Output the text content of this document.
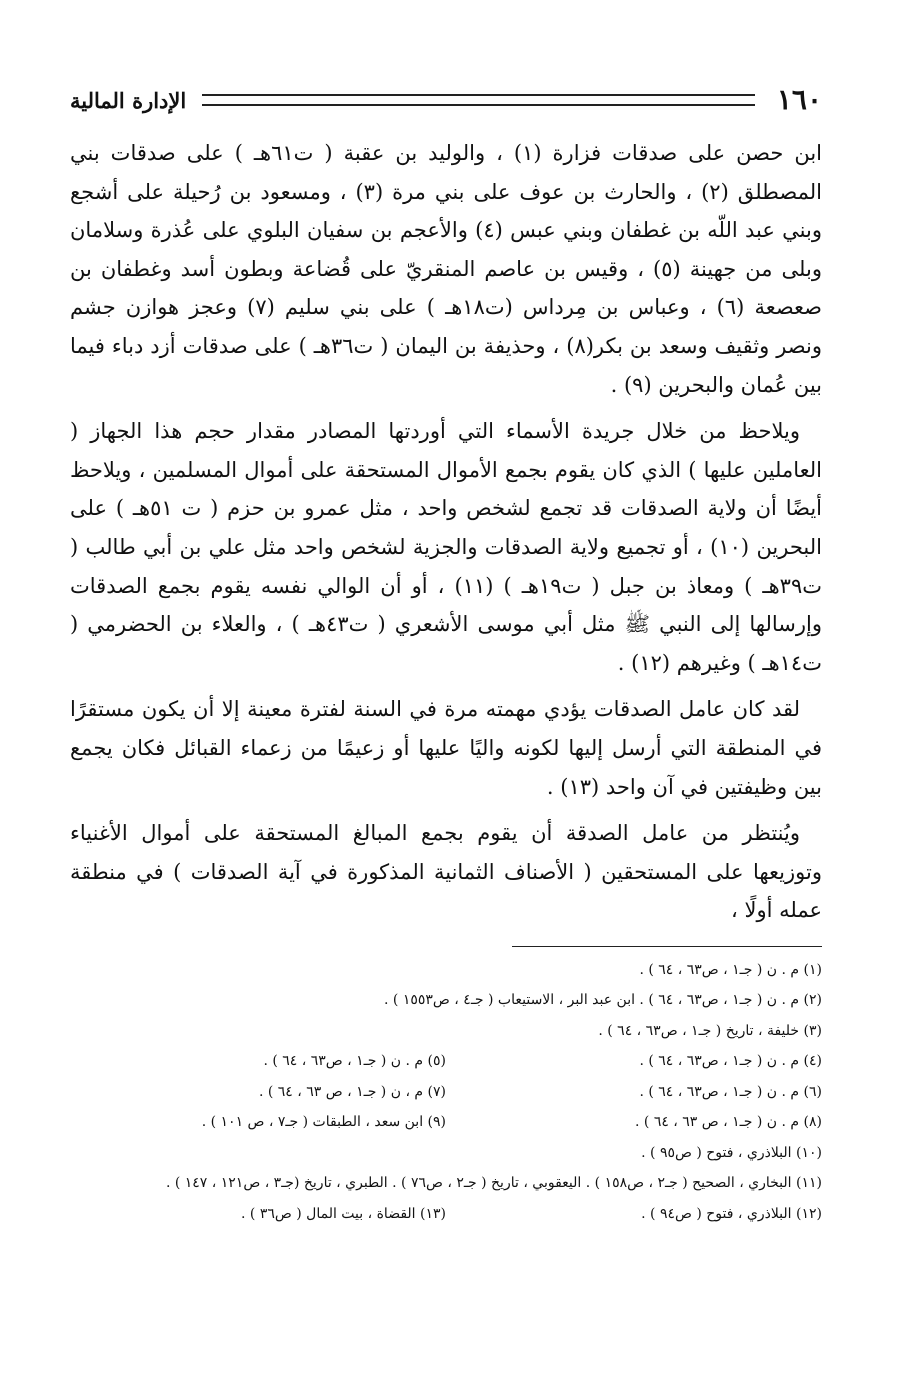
١٦٠
الإدارة المالية

ابن حصن على صدقات فزارة (١) ، والوليد بن عقبة ( ت٦١هـ ) على صدقات بني المصطلق (٢) ، والحارث بن عوف على بني مرة (٣) ، ومسعود بن رُحيلة على أشجع وبني عبد اللّه بن غطفان وبني عبس (٤) والأعجم بن سفيان البلوي على عُذرة وسلامان وبلى من جهينة (٥) ، وقيس بن عاصم المنقريّ على قُضاعة وبطون أسد وغطفان بن صعصعة (٦) ، وعباس بن مِرداس (ت١٨هـ ) على بني سليم (٧) وعجز هوازن جشم ونصر وثقيف وسعد بن بكر(٨) ، وحذيفة بن اليمان ( ت٣٦هـ ) على صدقات أزد دباء فيما بين عُمان والبحرين (٩) .

ويلاحظ من خلال جريدة الأسماء التي أوردتها المصادر مقدار حجم هذا الجهاز ( العاملين عليها ) الذي كان يقوم بجمع الأموال المستحقة على أموال المسلمين ، ويلاحظ أيضًا أن ولاية الصدقات قد تجمع لشخص واحد ، مثل عمرو بن حزم ( ت ٥١هـ ) على البحرين (١٠) ، أو تجميع ولاية الصدقات والجزية لشخص واحد مثل علي بن أبي طالب ( ت٣٩هـ ) ومعاذ بن جبل ( ت١٩هـ ) (١١) ، أو أن الوالي نفسه يقوم بجمع الصدقات وإرسالها إلى النبي ﷺ مثل أبي موسى الأشعري ( ت٤٣هـ ) ، والعلاء بن الحضرمي ( ت١٤هـ ) وغيرهم (١٢) .

لقد كان عامل الصدقات يؤدي مهمته مرة في السنة لفترة معينة إلا أن يكون مستقرًا في المنطقة التي أرسل إليها لكونه واليًا عليها أو زعيمًا من زعماء القبائل فكان يجمع بين وظيفتين في آن واحد (١٣) .

ويُنتظر من عامل الصدقة أن يقوم بجمع المبالغ المستحقة على أموال الأغنياء وتوزيعها على المستحقين ( الأصناف الثمانية المذكورة في آية الصدقات ) في منطقة عمله أولًا ،

(١) م . ن ( جـ١ ، ص٦٣ ، ٦٤ ) .
(٢) م . ن ( جـ١ ، ص٦٣ ، ٦٤ ) . ابن عبد البر ، الاستيعاب ( جـ٤ ، ص١٥٥٣ ) .
(٣) خليفة ، تاريخ ( جـ١ ، ص٦٣ ، ٦٤ ) .
(٤) م . ن ( جـ١ ، ص٦٣ ، ٦٤ ) .
(٥) م . ن ( جـ١ ، ص٦٣ ، ٦٤ ) .
(٦) م . ن ( جـ١ ، ص٦٣ ، ٦٤ ) .
(٧) م ، ن ( جـ١ ، ص ٦٣ ، ٦٤ ) .
(٨) م . ن ( جـ١ ، ص ٦٣ ، ٦٤ ) .
(٩) ابن سعد ، الطبقات ( جـ٧ ، ص ١٠١ ) .
(١٠) البلاذري ، فتوح ( ص٩٥ ) .
(١١) البخاري ، الصحيح ( جـ٢ ، ص١٥٨ ) . اليعقوبي ، تاريخ ( جـ٢ ، ص٧٦ ) . الطبري ، تاريخ (جـ٣ ، ص١٢١ ، ١٤٧ ) .
(١٢) البلاذري ، فتوح ( ص٩٤ ) .
(١٣) القضاة ، بيت المال ( ص٣٦ ) .
